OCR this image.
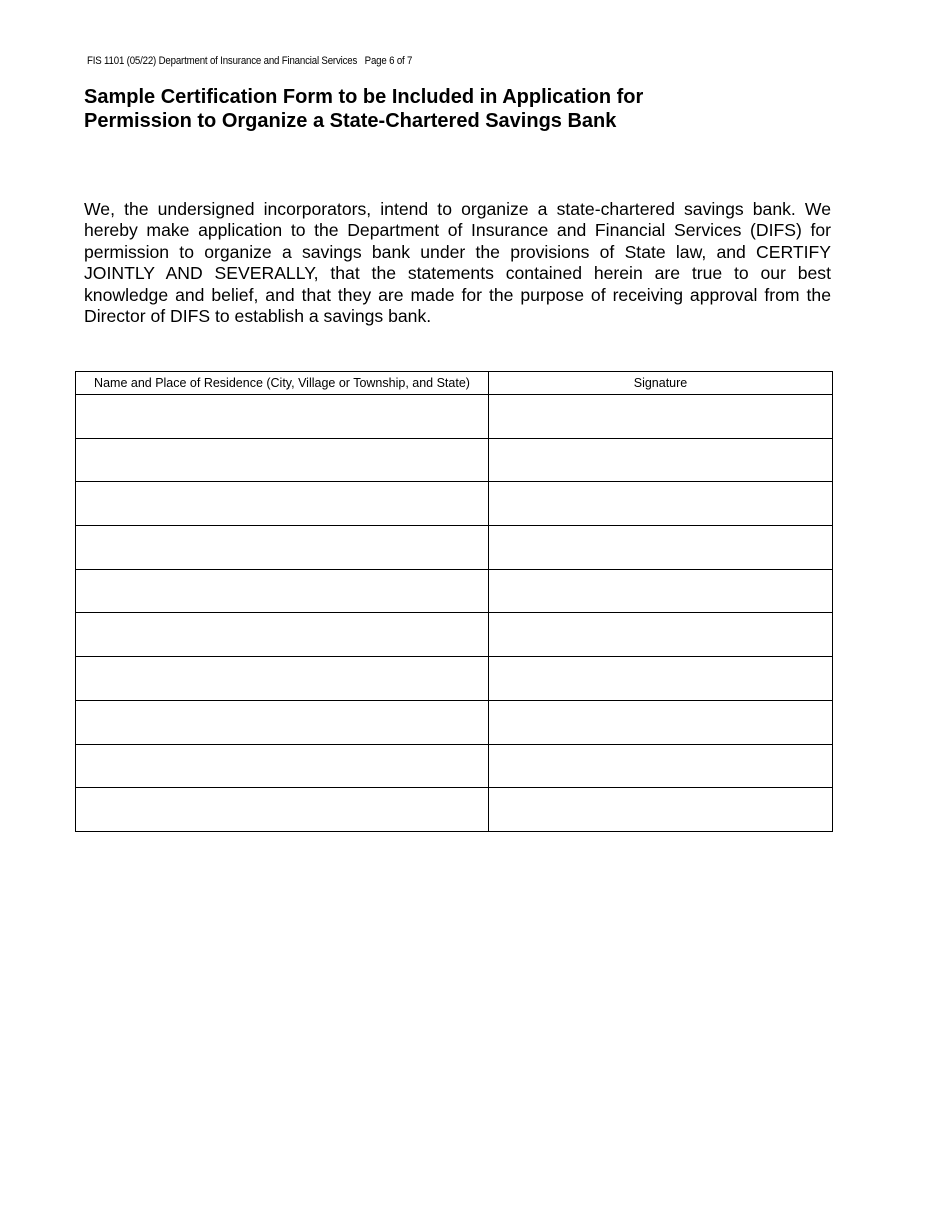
FIS 1101 (05/22) Department of Insurance and Financial Services   Page 6 of 7
Sample Certification Form to be Included in Application for
Permission to Organize a State-Chartered Savings Bank

We, the undersigned incorporators, intend to organize a state-chartered savings bank. We hereby make application to the Department of Insurance and Financial Services (DIFS) for permission to organize a savings bank under the provisions of State law, and CERTIFY JOINTLY AND SEVERALLY, that the statements contained herein are true to our best knowledge and belief, and that they are made for the purpose of receiving approval from the Director of DIFS to establish a savings bank.

Name and Place of Residence (City, Village or Township, and State)	Signature
